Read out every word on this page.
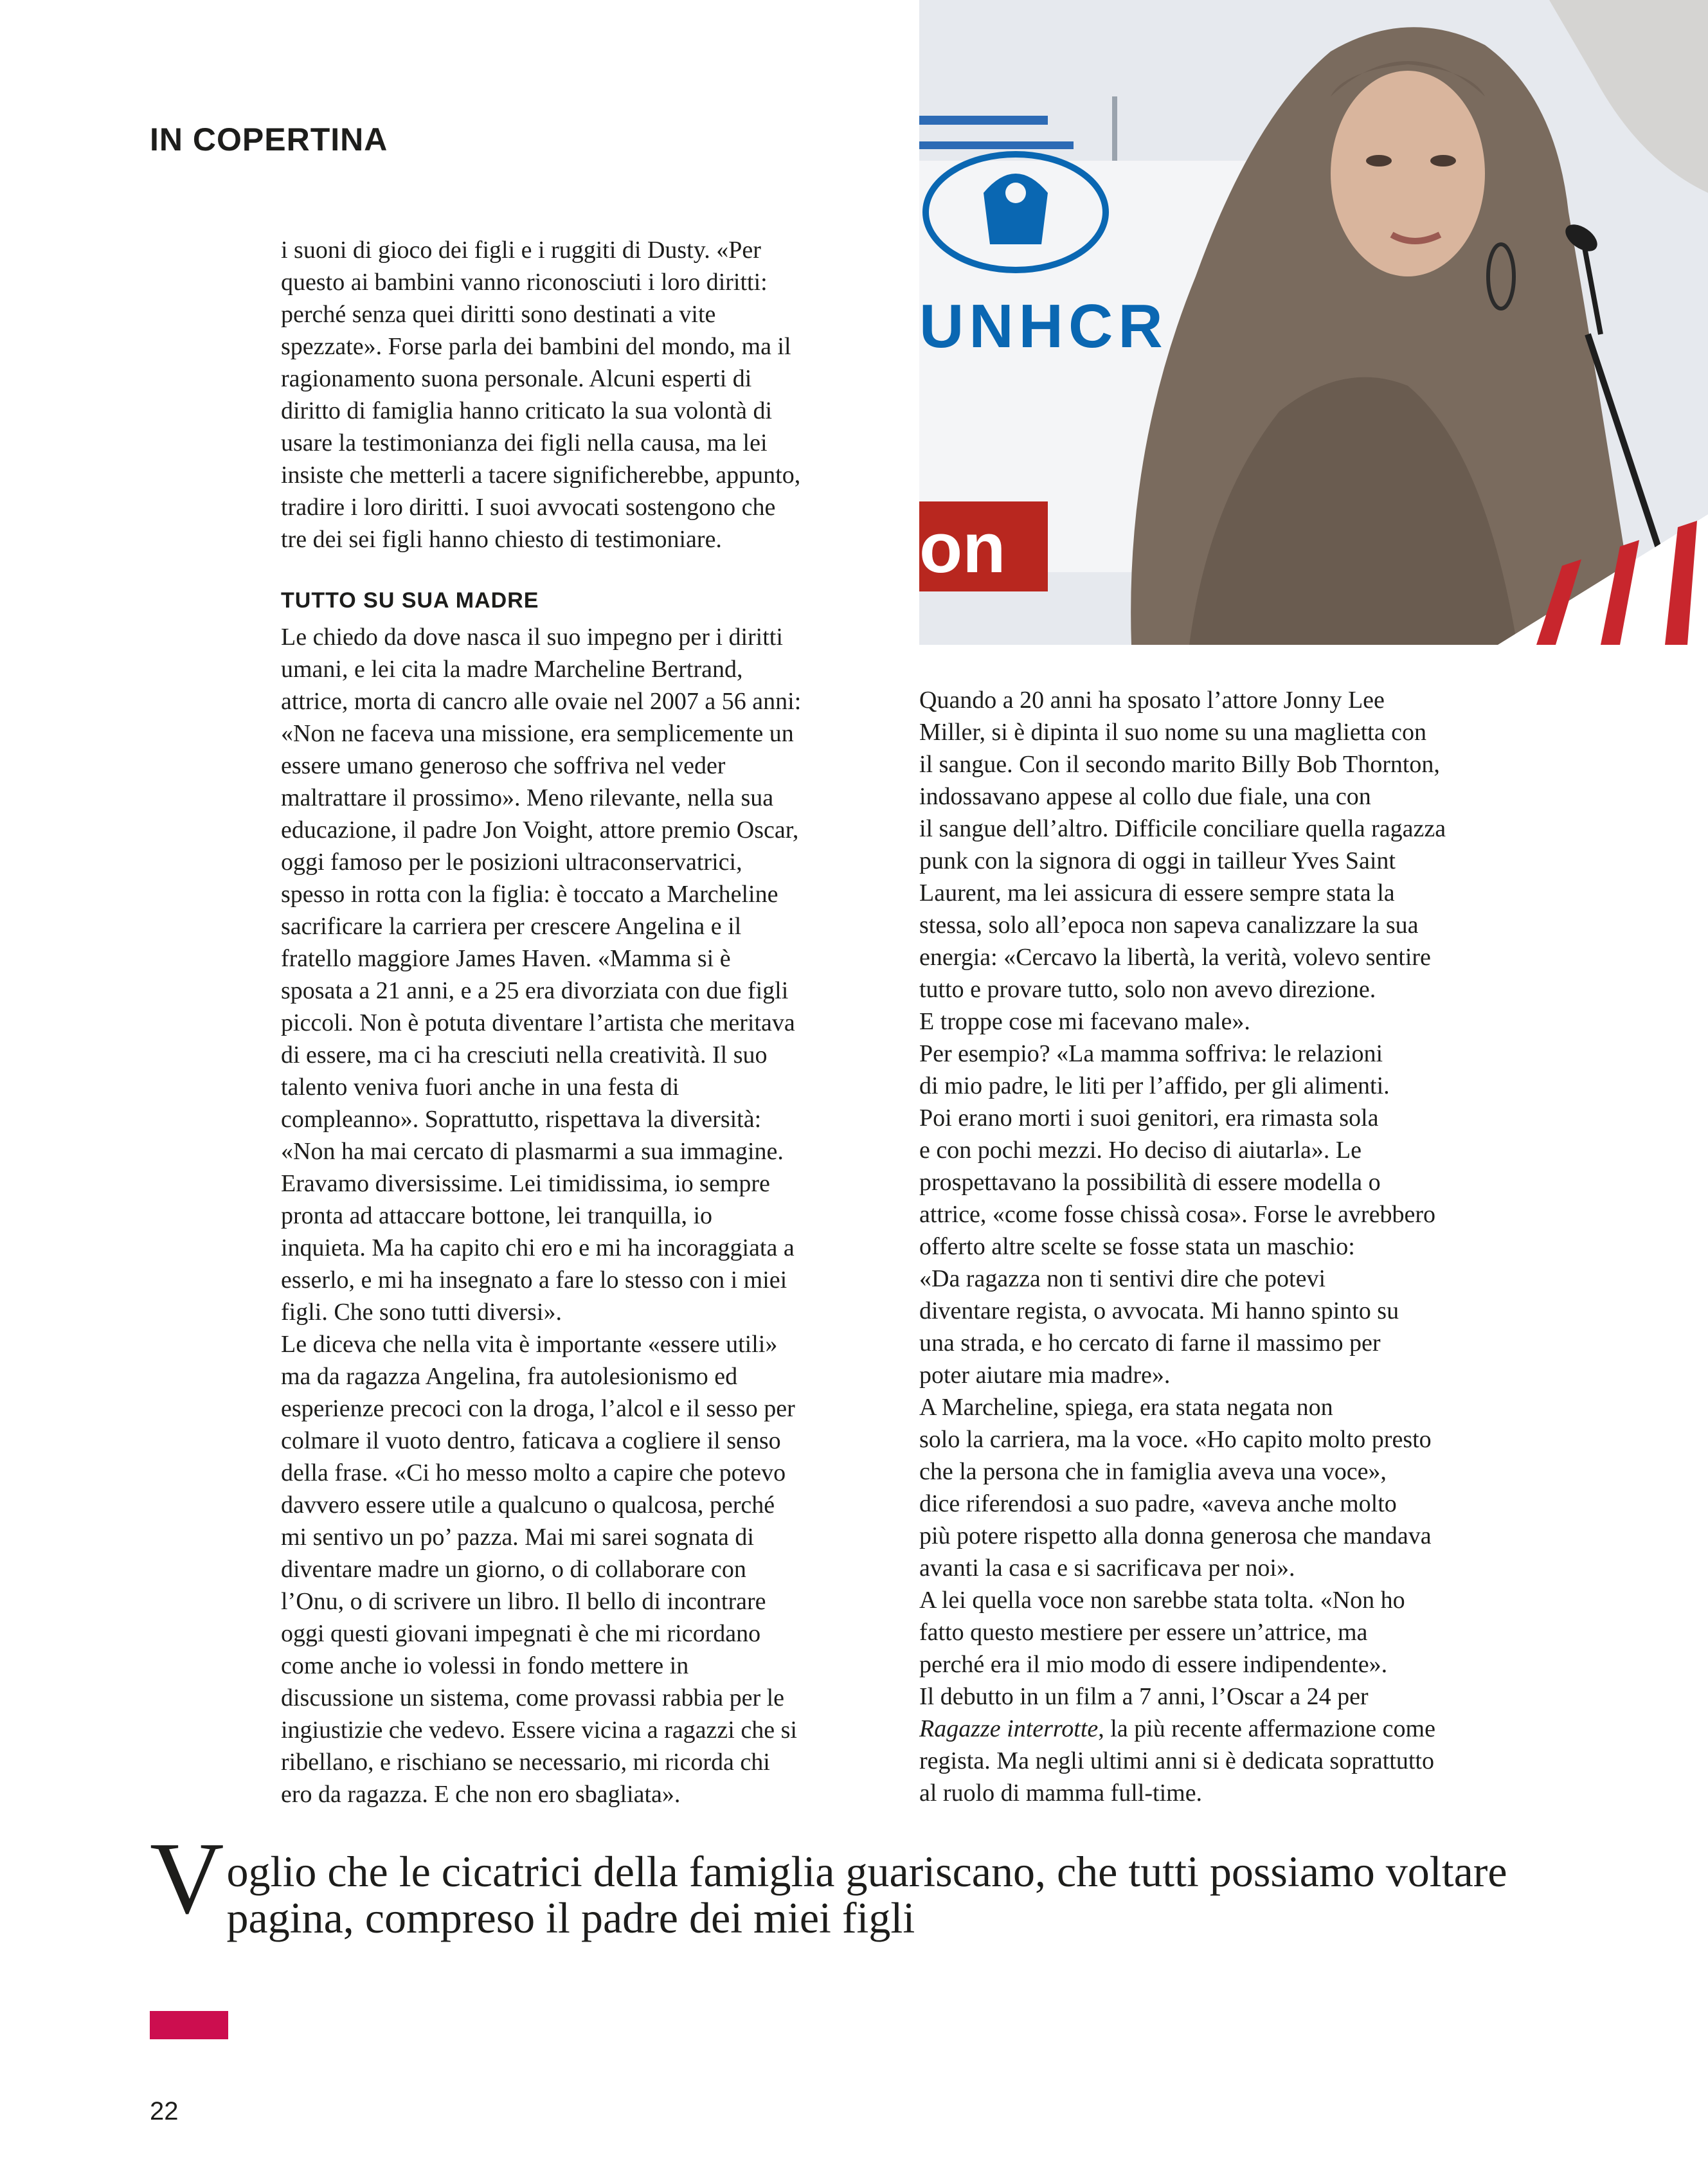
IN COPERTINA
UNHCR
on

i suoni di gioco dei figli e i ruggiti di Dusty. «Per
questo ai bambini vanno riconosciuti i loro diritti:
perché senza quei diritti sono destinati a vite
spezzate». Forse parla dei bambini del mondo, ma il
ragionamento suona personale. Alcuni esperti di
diritto di famiglia hanno criticato la sua volontà di
usare la testimonianza dei figli nella causa, ma lei
insiste che metterli a tacere significherebbe, appunto,
tradire i loro diritti. I suoi avvocati sostengono che
tre dei sei figli hanno chiesto di testimoniare.

TUTTO SU SUA MADRE

Le chiedo da dove nasca il suo impegno per i diritti
umani, e lei cita la madre Marcheline Bertrand,
attrice, morta di cancro alle ovaie nel 2007 a 56 anni:
«Non ne faceva una missione, era semplicemente un
essere umano generoso che soffriva nel veder
maltrattare il prossimo». Meno rilevante, nella sua
educazione, il padre Jon Voight, attore premio Oscar,
oggi famoso per le posizioni ultraconservatrici,
spesso in rotta con la figlia: è toccato a Marcheline
sacrificare la carriera per crescere Angelina e il
fratello maggiore James Haven. «Mamma si è
sposata a 21 anni, e a 25 era divorziata con due figli
piccoli. Non è potuta diventare l’artista che meritava
di essere, ma ci ha cresciuti nella creatività. Il suo
talento veniva fuori anche in una festa di
compleanno». Soprattutto, rispettava la diversità:
«Non ha mai cercato di plasmarmi a sua immagine.
Eravamo diversissime. Lei timidissima, io sempre
pronta ad attaccare bottone, lei tranquilla, io
inquieta. Ma ha capito chi ero e mi ha incoraggiata a
esserlo, e mi ha insegnato a fare lo stesso con i miei
figli. Che sono tutti diversi».
Le diceva che nella vita è importante «essere utili»
ma da ragazza Angelina, fra autolesionismo ed
esperienze precoci con la droga, l’alcol e il sesso per
colmare il vuoto dentro, faticava a cogliere il senso
della frase. «Ci ho messo molto a capire che potevo
davvero essere utile a qualcuno o qualcosa, perché
mi sentivo un po’ pazza. Mai mi sarei sognata di
diventare madre un giorno, o di collaborare con
l’Onu, o di scrivere un libro. Il bello di incontrare
oggi questi giovani impegnati è che mi ricordano
come anche io volessi in fondo mettere in
discussione un sistema, come provassi rabbia per le
ingiustizie che vedevo. Essere vicina a ragazzi che si
ribellano, e rischiano se necessario, mi ricorda chi
ero da ragazza. E che non ero sbagliata».

Quando a 20 anni ha sposato l’attore Jonny Lee
Miller, si è dipinta il suo nome su una maglietta con
il sangue. Con il secondo marito Billy Bob Thornton,
indossavano appese al collo due fiale, una con
il sangue dell’altro. Difficile conciliare quella ragazza
punk con la signora di oggi in tailleur Yves Saint
Laurent, ma lei assicura di essere sempre stata la
stessa, solo all’epoca non sapeva canalizzare la sua
energia: «Cercavo la libertà, la verità, volevo sentire
tutto e provare tutto, solo non avevo direzione.
E troppe cose mi facevano male».
Per esempio? «La mamma soffriva: le relazioni
di mio padre, le liti per l’affido, per gli alimenti.
Poi erano morti i suoi genitori, era rimasta sola
e con pochi mezzi. Ho deciso di aiutarla». Le
prospettavano la possibilità di essere modella o
attrice, «come fosse chissà cosa». Forse le avrebbero
offerto altre scelte se fosse stata un maschio:
«Da ragazza non ti sentivi dire che potevi
diventare regista, o avvocata. Mi hanno spinto su
una strada, e ho cercato di farne il massimo per
poter aiutare mia madre».
A Marcheline, spiega, era stata negata non
solo la carriera, ma la voce. «Ho capito molto presto
che la persona che in famiglia aveva una voce»,
dice riferendosi a suo padre, «aveva anche molto
più potere rispetto alla donna generosa che mandava
avanti la casa e si sacrificava per noi».
A lei quella voce non sarebbe stata tolta. «Non ho
fatto questo mestiere per essere un’attrice, ma
perché era il mio modo di essere indipendente».
Il debutto in un film a 7 anni, l’Oscar a 24 per
Ragazze interrotte, la più recente affermazione come
regista. Ma negli ultimi anni si è dedicata soprattutto
al ruolo di mamma full-time.

Voglio che le cicatrici della famiglia guariscano, che tutti possiamo voltare pagina, compreso il padre dei miei figli

22
